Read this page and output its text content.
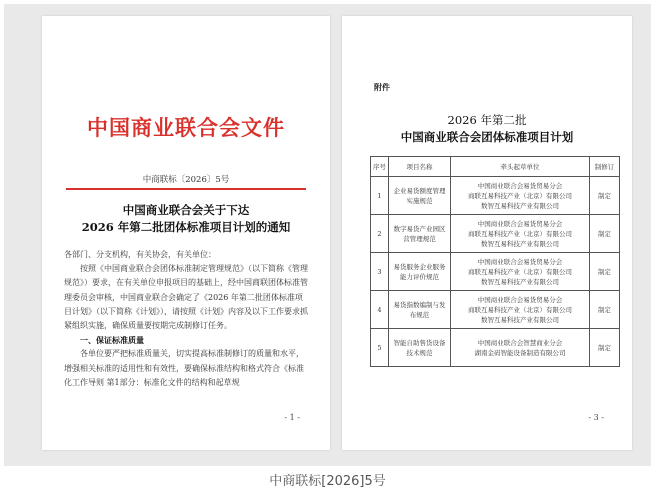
中国商业联合会文件
中商联标〔2026〕5号
中国商业联合会关于下达
2026 年第二批团体标准项目计划的通知

各部门、分支机构，有关协会，有关单位：

按照《中国商业联合会团体标准制定管理规范》（以下简称《管理规范》）要求，在有关单位申报项目的基础上，经中国商联团体标准管理委员会审核，中国商业联合会确定了《2026 年第二批团体标准项目计划》（以下简称《计划》），请按照《计划》内容及以下工作要求抓紧组织实施，确保质量要按期完成制修订任务。

一、保证标准质量

各单位要严把标准质量关，切实提高标准制修订的质量和水平，增强相关标准的适用性和有效性，要确保标准结构和格式符合《标准化工作导则 第1部分：标准化文件的结构和起草规

- 1 -
附件
2026 年第二批
中国商业联合会团体标准项目计划
序号	项目名称	牵头起草单位	制修订
1	企业易货额度管理实施规范	中国商业联合会易货贸易分会
商联互易科技产业（北京）有限公司
数智互易科技产业有限公司	制定
2	数字易货产业园区营管理规范	中国商业联合会易货贸易分会
商联互易科技产业（北京）有限公司
数智互易科技产业有限公司	制定
3	易货服务企业服务能力评价规范	中国商业联合会易货贸易分会
商联互易科技产业（北京）有限公司
数智互易科技产业有限公司	制定
4	易货指数编制与发布规范	中国商业联合会易货贸易分会
商联互易科技产业（北京）有限公司
数智互易科技产业有限公司	制定
5	智能自助售货设备技术规范	中国商业联合会智慧商业分会
湖南金码智能设备制造有限公司	制定
- 3 -
中商联标[2026]5号
